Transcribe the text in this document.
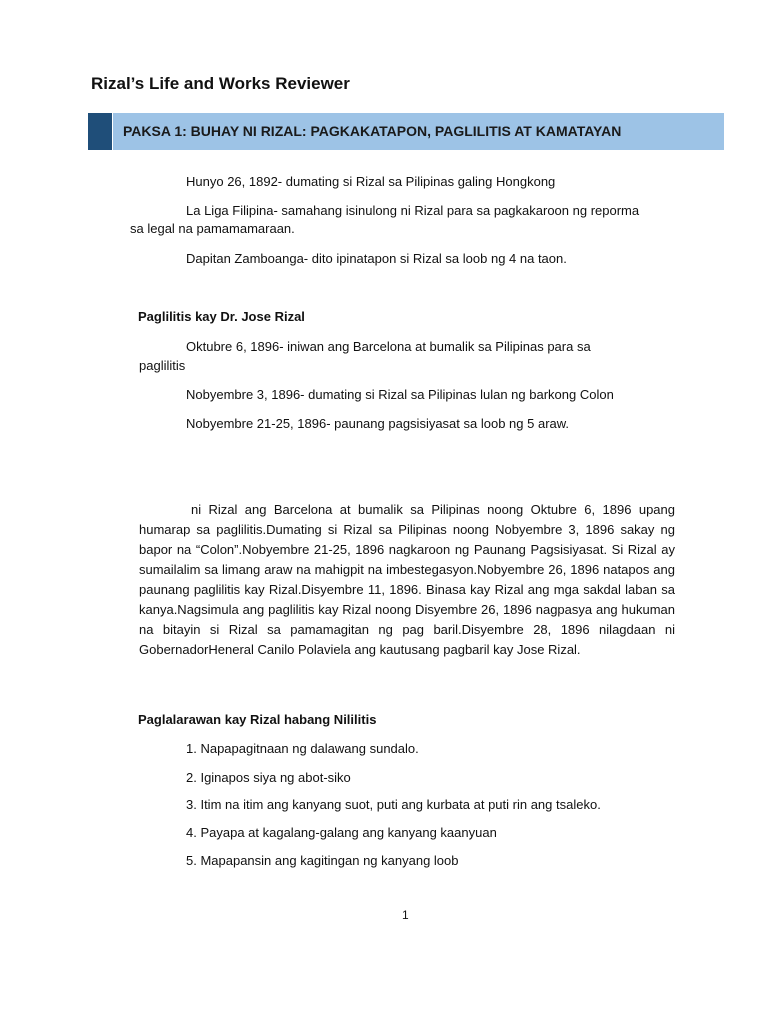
Rizal’s Life and Works Reviewer
PAKSA 1: BUHAY NI RIZAL: PAGKAKATAPON, PAGLILITIS AT KAMATAYAN
Hunyo 26, 1892- dumating si Rizal sa Pilipinas galing Hongkong
La Liga Filipina- samahang isinulong ni Rizal para sa pagkakaroon ng reporma
sa legal na pamamamaraan.
Dapitan Zamboanga- dito ipinatapon si Rizal sa loob ng 4 na taon.
Paglilitis kay Dr. Jose Rizal
Oktubre 6, 1896- iniwan ang Barcelona at bumalik sa Pilipinas para sa
paglilitis
Nobyembre 3, 1896- dumating si Rizal sa Pilipinas lulan ng barkong Colon
Nobyembre 21-25, 1896- paunang pagsisiyasat sa loob ng 5 araw.
ni Rizal ang Barcelona at bumalik sa Pilipinas noong Oktubre 6, 1896 upang humarap sa paglilitis.Dumating si Rizal sa Pilipinas noong Nobyembre 3, 1896 sakay ng bapor na “Colon”.Nobyembre 21-25, 1896 nagkaroon ng Paunang Pagsisiyasat. Si Rizal ay sumailalim sa limang araw na mahigpit na imbestegasyon.Nobyembre 26, 1896 natapos ang paunang paglilitis kay Rizal.Disyembre 11, 1896. Binasa kay Rizal ang mga sakdal laban sa kanya.Nagsimula ang paglilitis kay Rizal noong Disyembre 26, 1896 nagpasya ang hukuman na bitayin si Rizal sa pamamagitan ng pag baril.Disyembre 28, 1896 nilagdaan ni GobernadorHeneral Canilo Polaviela ang kautusang pagbaril kay Jose Rizal.
Paglalarawan kay Rizal habang Nililitis
1. Napapagitnaan ng dalawang sundalo.
2. Iginapos siya ng abot-siko
3. Itim na itim ang kanyang suot, puti ang kurbata at puti rin ang tsaleko.
4. Payapa at kagalang-galang ang kanyang kaanyuan
5. Mapapansin ang kagitingan ng kanyang loob
1
